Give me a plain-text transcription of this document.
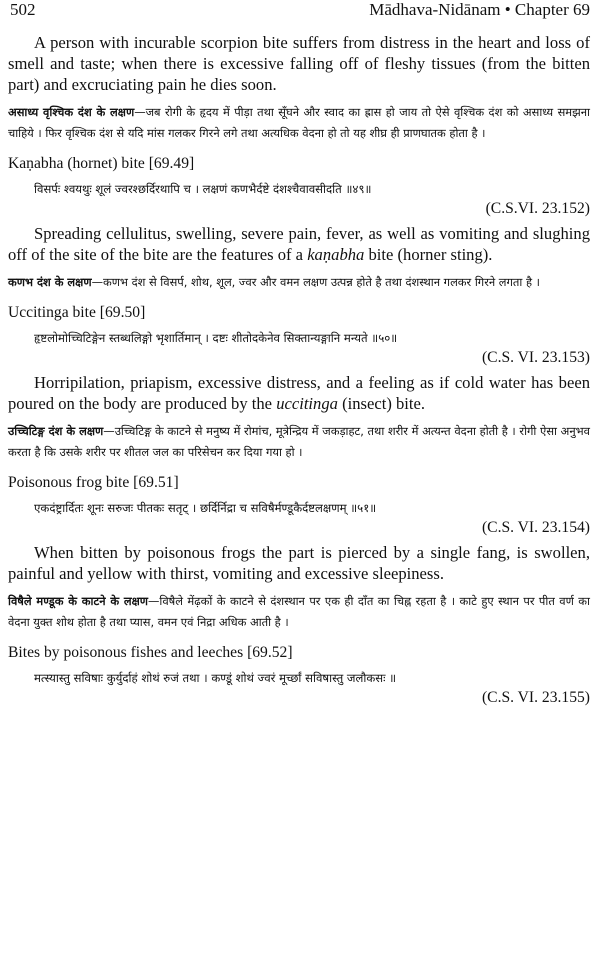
502	Mādhava-Nidānam • Chapter 69

A person with incurable scorpion bite suffers from distress in the heart and loss of smell and taste; when there is excessive falling off of fleshy tissues (from the bitten part) and excruciating pain he dies soon.

असाध्य वृश्चिक दंश के लक्षण—जब रोगी के हृदय में पीड़ा तथा सूँघने और स्वाद का ह्रास हो जाय तो ऐसे वृश्चिक दंश को असाध्य समझना चाहिये । फिर वृश्चिक दंश से यदि मांस गलकर गिरने लगे तथा अत्यधिक वेदना हो तो यह शीघ्र ही प्राणघातक होता है ।

Kaṇabha (hornet) bite [69.49]

विसर्पः श्वयथुः शूलं ज्वरश्छर्दिरथापि च । लक्षणं कणभैर्दष्टे दंशश्चैवावसीदति ॥४९॥

(C.S.VI. 23.152)

Spreading cellulitus, swelling, severe pain, fever, as well as vomiting and slughing off of the site of the bite are the features of a kaṇabha bite (horner sting).

कणभ दंश के लक्षण—कणभ दंश से विसर्प, शोथ, शूल, ज्वर और वमन लक्षण उत्पन्न होते है तथा दंशस्थान गलकर गिरने लगता है ।

Uccitinga bite [69.50]

हृष्टलोमोच्चिटिङ्गेन स्तब्धलिङ्गो भृशार्तिमान् । दष्टः शीतोदकेनेव सिक्तान्यङ्गानि मन्यते ॥५०॥

(C.S. VI. 23.153)

Horripilation, priapism, excessive distress, and a feeling as if cold water has been poured on the body are produced by the uccitinga (insect) bite.

उच्चिटिङ्ग दंश के लक्षण—उच्चिटिङ्ग के काटने से मनुष्य में रोमांच, मूत्रेन्द्रिय में जकड़ाहट, तथा शरीर में अत्यन्त वेदना होती है । रोगी ऐसा अनुभव करता है कि उसके शरीर पर शीतल जल का परिसेचन कर दिया गया हो ।

Poisonous frog bite [69.51]

एकदंष्ट्रार्दितः शूनः सरुजः पीतकः सतृट् । छर्दिर्निद्रा च सविषैर्मण्डूकैर्दष्टलक्षणम् ॥५१॥

(C.S. VI. 23.154)

When bitten by poisonous frogs the part is pierced by a single fang, is swollen, painful and yellow with thirst, vomiting and excessive sleepiness.

विषैले मण्डूक के काटने के लक्षण—विषैले मेंढ़कों के काटने से दंशस्थान पर एक ही दाँत का चिह्न रहता है । काटे हुए स्थान पर पीत वर्ण का वेदना युक्त शोथ होता है तथा प्यास, वमन एवं निद्रा अधिक आती है ।

Bites by poisonous fishes and leeches [69.52]

मत्स्यास्तु सविषाः कुर्युर्दाहं शोथं रुजं तथा । कण्डूं शोथं ज्वरं मूर्च्छां सविषास्तु जलौकसः ॥

(C.S. VI. 23.155)
